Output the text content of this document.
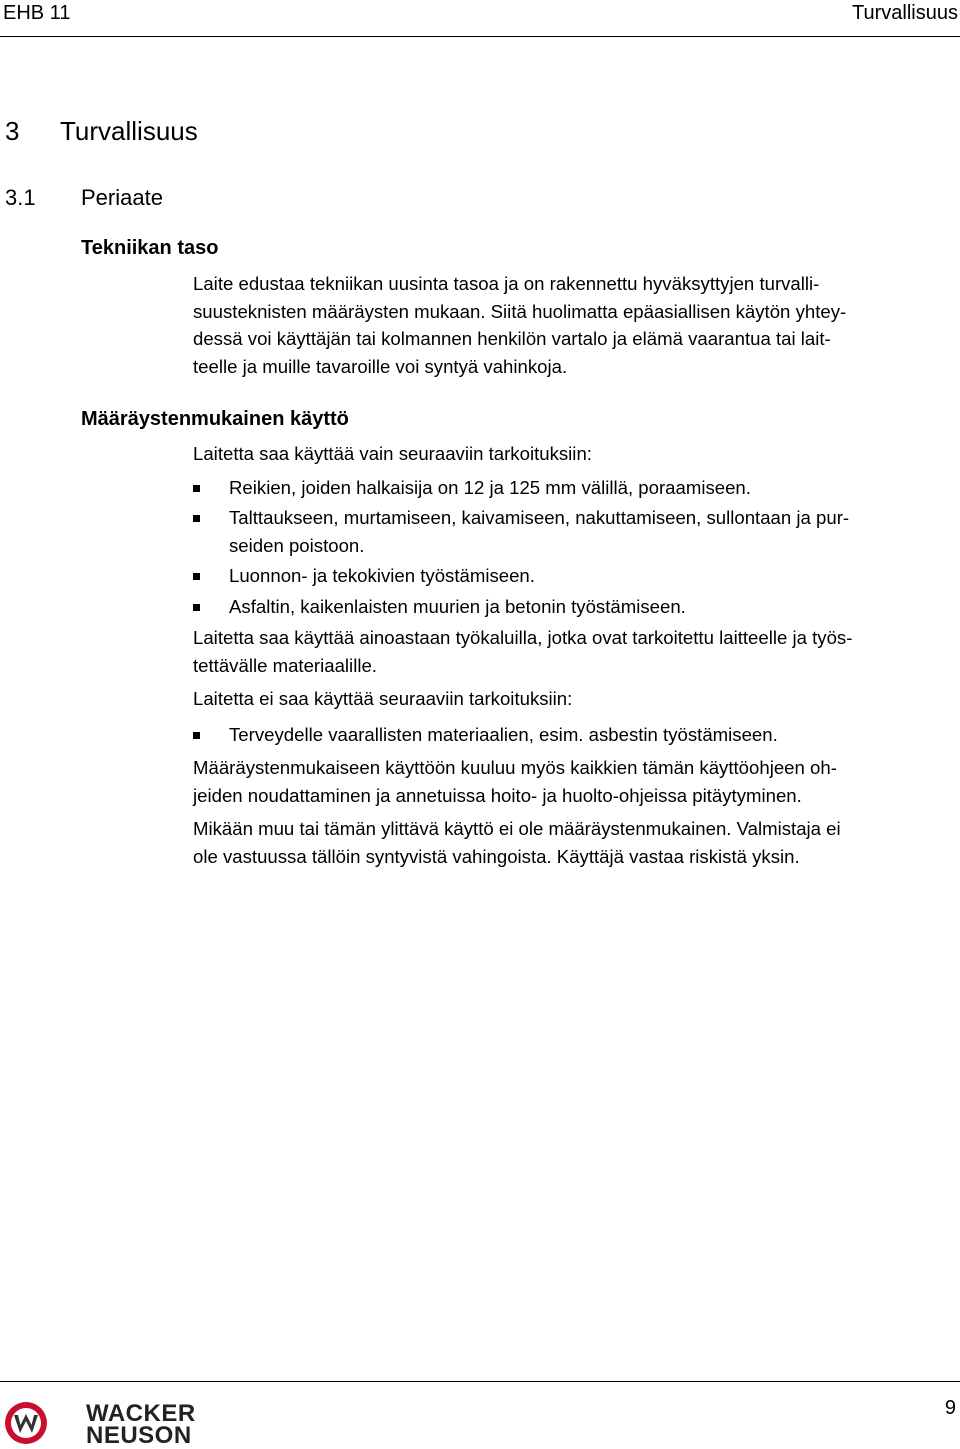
EHB 11	Turvallisuus
3 Turvallisuus
3.1 Periaate
Tekniikan taso
Laite edustaa tekniikan uusinta tasoa ja on rakennettu hyväksyttyjen turvalli-
suusteknisten määräysten mukaan. Siitä huolimatta epäasiallisen käytön yhtey-
dessä voi käyttäjän tai kolmannen henkilön vartalo ja elämä vaarantua tai lait-
teelle ja muille tavaroille voi syntyä vahinkoja.
Määräystenmukainen käyttö

Laitetta saa käyttää vain seuraaviin tarkoituksiin:

Reikien, joiden halkaisija on 12 ja 125 mm välillä, poraamiseen.
Talttaukseen, murtamiseen, kaivamiseen, nakuttamiseen, sullontaan ja pur-
seiden poistoon.
Luonnon- ja tekokivien työstämiseen.
Asfaltin, kaikenlaisten muurien ja betonin työstämiseen.

Laitetta saa käyttää ainoastaan työkaluilla, jotka ovat tarkoitettu laitteelle ja työs-
tettävälle materiaalille.

Laitetta ei saa käyttää seuraaviin tarkoituksiin:

Terveydelle vaarallisten materiaalien, esim. asbestin työstämiseen.

Määräystenmukaiseen käyttöön kuuluu myös kaikkien tämän käyttöohjeen oh-
jeiden noudattaminen ja annetuissa hoito- ja huolto-ohjeissa pitäytyminen.

Mikään muu tai tämän ylittävä käyttö ei ole määräystenmukainen. Valmistaja ei
ole vastuussa tällöin syntyvistä vahingoista. Käyttäjä vastaa riskistä yksin.

WACKER
NEUSON
9
